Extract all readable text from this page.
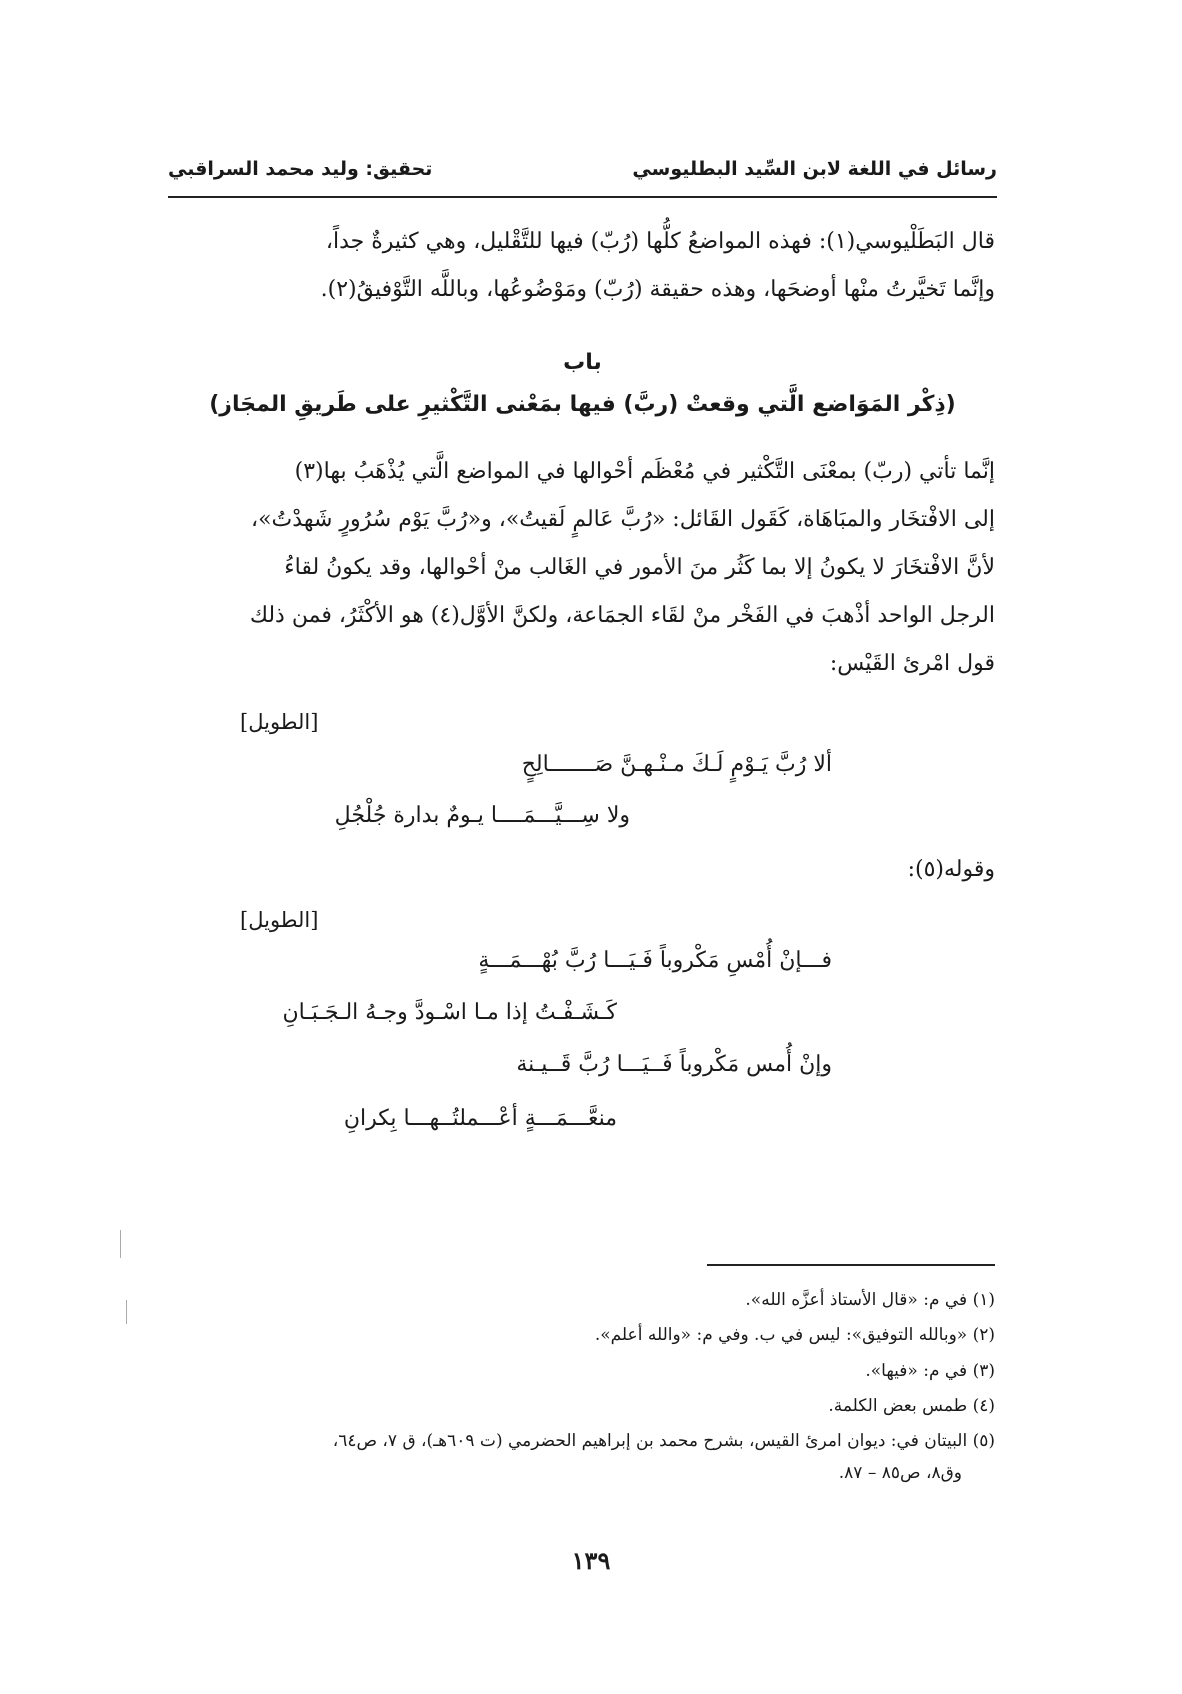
رسائل في اللغة لابن السِّيد البطليوسي
تحقيق: وليد محمد السراقبي
قال البَطَلْيوسي(١): فهذه المواضعُ كلُّها (رُبّ) فيها للتَّقْليل، وهي كثيرةٌ جداً،
وإنَّما تَخيَّرتُ منْها أوضحَها، وهذه حقيقة (رُبّ) ومَوْضُوعُها، وباللَّه التَّوْفيقُ(٢).
باب
(ذِكْر المَوَاضع الَّتي وقعتْ (ربَّ) فيها بمَعْنى التَّكْثيرِ على طَريقِ المجَاز)
إنَّما تأتي (ربّ) بمعْنَى التَّكْثير في مُعْظَم أحْوالها في المواضع الَّتي يُذْهَبُ بها(٣)
إلى الافْتخَار والمبَاهَاة، كَقَول القَائل: «رُبَّ عَالمٍ لَقيتُ»، و«رُبَّ يَوْم سُرُورٍ شَهدْتُ»،
لأنَّ الافْتخَارَ لا يكونُ إلا بما كَثُر منَ الأمور في الغَالب منْ أحْوالها، وقد يكونُ لقاءُ
الرجل الواحد أذْهبَ في الفَخْر منْ لقَاء الجمَاعة، ولكنَّ الأوَّل(٤) هو الأكْثَرُ، فمن ذلك
قول امْرئ القَيْس:
[الطويل]
ألا رُبَّ يَـوْمٍ لَـكَ مـنْـهـنَّ صَـــــــالِحٍ
ولا سِـــيَّـــمَــــا يـومٌ بدارة جُلْجُلِ
وقوله(٥):
[الطويل]
فـــإنْ أُمْسِ مَكْروباً فَـيَـــا رُبَّ بُهْـــمَـــةٍ
كَـشَـفْـتُ إذا مـا اسْـودَّ وجـهُ الـجَـبَـانِ
وإنْ أُمس مَكْروباً فَــيَـــا رُبَّ قَــيـنة
منعَّـــمَـــةٍ أعْـــملتُــهـــا بِكرانِ
(١) في م: «قال الأستاذ أعزَّه الله».
(٢) «وبالله التوفيق»: ليس في ب. وفي م: «والله أعلم».
(٣) في م: «فيها».
(٤) طمس بعض الكلمة.
(٥) البيتان في: ديوان امرئ القيس، بشرح محمد بن إبراهيم الحضرمي (ت ٦٠٩هـ)، ق ٧، ص٦٤،
وق٨، ص٨٥ – ٨٧.
١٣٩
